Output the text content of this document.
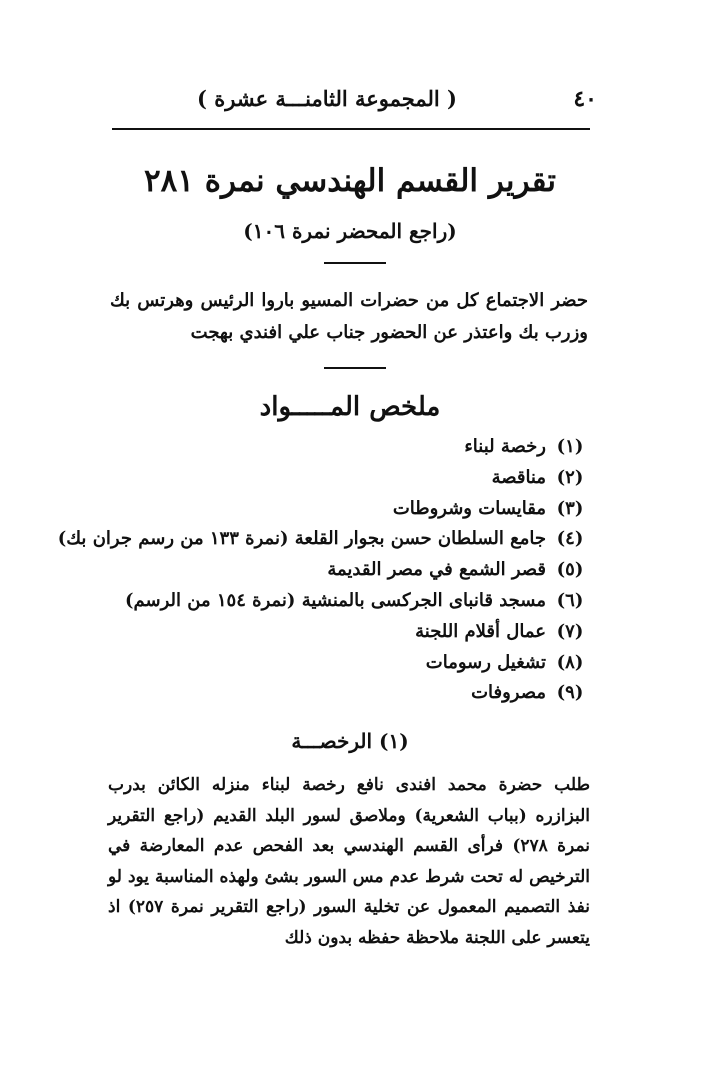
( المجموعة الثامنـــة عشرة )	٤٠
تقرير القسم الهندسي نمرة ٢٨١
(راجع المحضر نمرة ١٠٦)
حضر الاجتماع كل من حضرات المسيو باروا الرئيس وهرتس بك وزرب بك واعتذر عن الحضور جناب علي افندي بهجت
ملخص المـــــواد
(١)رخصة لبناء
(٢)مناقصة
(٣)مقايسات وشروطات
(٤)جامع السلطان حسن بجوار القلعة (نمرة ١٣٣ من رسم جران بك)
(٥)قصر الشمع في مصر القديمة
(٦)مسجد قانباى الجركسى بالمنشية (نمرة ١٥٤ من الرسم)
(٧)عمال أقلام اللجنة
(٨)تشغيل رسومات
(٩)مصروفات
(١) الرخصـــة

طلب حضرة محمد افندى نافع رخصة لبناء منزله الكائن بدرب البزازره (بباب الشعرية) وملاصق لسور البلد القديم (راجع التقرير نمرة ٢٧٨) فرأى القسم الهندسي بعد الفحص عدم المعارضة في الترخيص له تحت شرط عدم مس السور بشئ ولهذه المناسبة يود لو نفذ التصميم المعمول عن تخلية السور (راجع التقرير نمرة ٢٥٧) اذ يتعسر على اللجنة ملاحظة حفظه بدون ذلك
